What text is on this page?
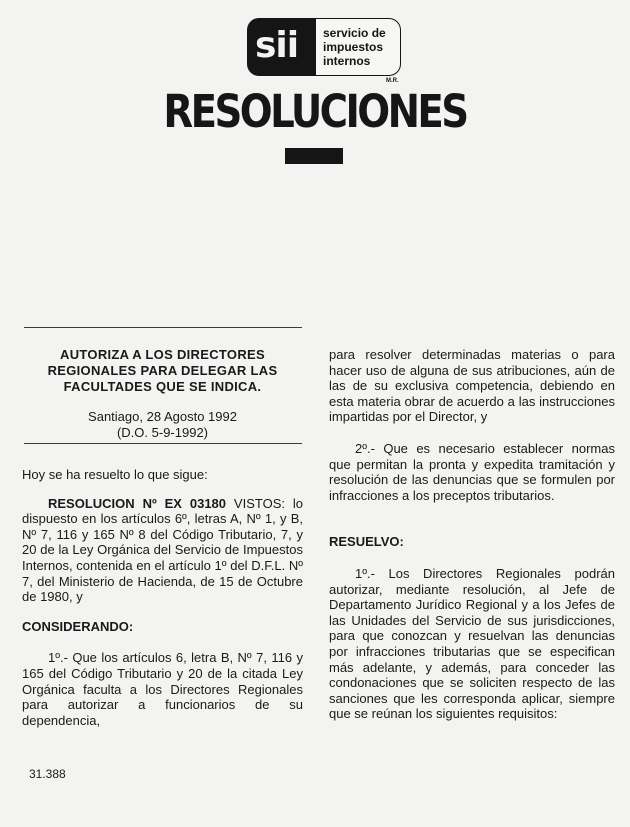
sii servicio de
impuestos
internos
M.R.
RESOLUCIONES

AUTORIZA A LOS DIRECTORES REGIONALES PARA DELEGAR LAS FACULTADES QUE SE INDICA.

Santiago, 28 Agosto 1992

(D.O. 5-9-1992)

Hoy se ha resuelto lo que sigue:

RESOLUCION Nº EX 03180 VISTOS: lo dispuesto en los artículos 6º, letras A, Nº 1, y B, Nº 7, 116 y 165 Nº 8 del Código Tributario, 7, y 20 de la Ley Orgánica del Servicio de Impuestos Internos, contenida en el artículo 1º del D.F.L. Nº 7, del Ministerio de Hacienda, de 15 de Octubre de 1980, y

CONSIDERANDO:

1º.- Que los artículos 6, letra B, Nº 7, 116 y 165 del Código Tributario y 20 de la citada Ley Orgánica faculta a los Directores Regionales para autorizar a funcionarios de su dependencia,

para resolver determinadas materias o para hacer uso de alguna de sus atribuciones, aún de las de su exclusiva competencia, debiendo en esta materia obrar de acuerdo a las instrucciones impartidas por el Director, y

2º.- Que es necesario establecer normas que permitan la pronta y expedita tramitación y resolución de las denuncias que se formulen por infracciones a los preceptos tributarios.

RESUELVO:

1º.- Los Directores Regionales podrán autorizar, mediante resolución, al Jefe de Departamento Jurídico Regional y a los Jefes de las Unidades del Servicio de sus jurisdicciones, para que conozcan y resuelvan las denuncias por infracciones tributarias que se especifican más adelante, y además, para conceder las condonaciones que se soliciten respecto de las sanciones que les corresponda aplicar, siempre que se reúnan los siguientes requisitos:

31.388
